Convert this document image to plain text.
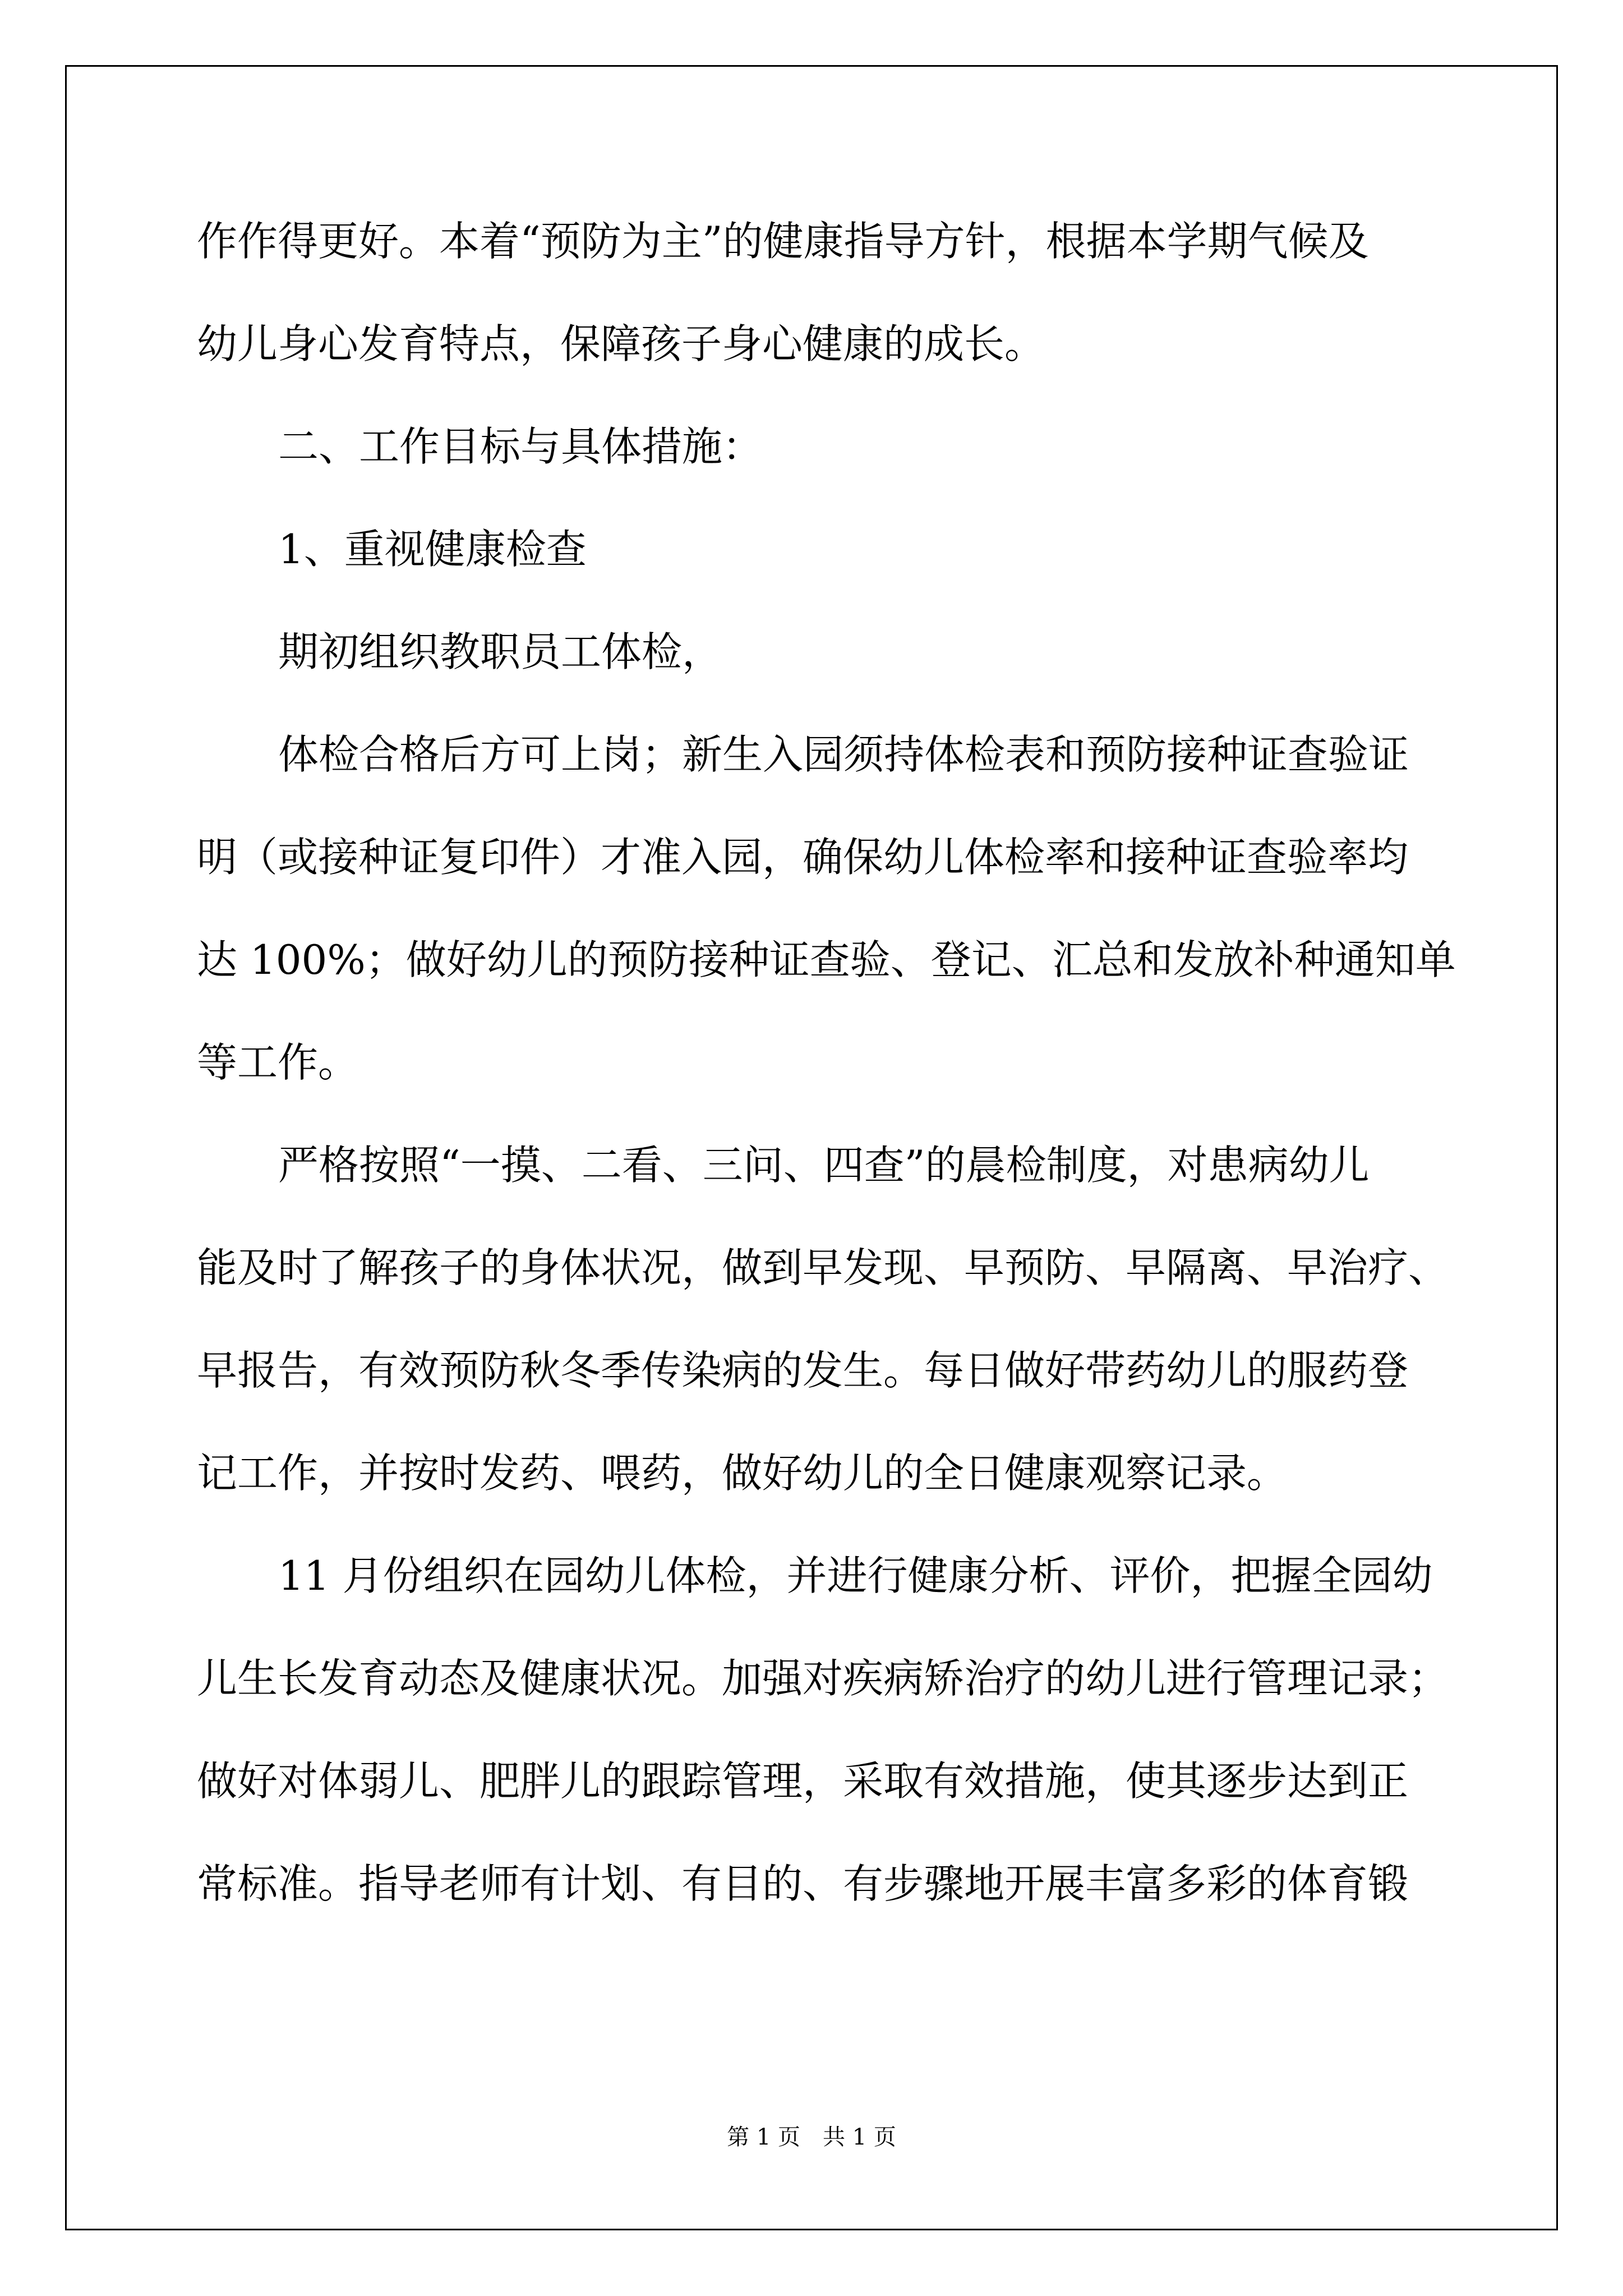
作作得更好。本着“预防为主”的健康指导方针，根据本学期气候及
幼儿身心发育特点，保障孩子身心健康的成长。
二、工作目标与具体措施：
1、重视健康检查
期初组织教职员工体检，
体检合格后方可上岗；新生入园须持体检表和预防接种证查验证
明（或接种证复印件）才准入园，确保幼儿体检率和接种证查验率均
达 100%；做好幼儿的预防接种证查验、登记、汇总和发放补种通知单
等工作。
严格按照“一摸、二看、三问、四查”的晨检制度，对患病幼儿
能及时了解孩子的身体状况，做到早发现、早预防、早隔离、早治疗、
早报告，有效预防秋冬季传染病的发生。每日做好带药幼儿的服药登
记工作，并按时发药、喂药，做好幼儿的全日健康观察记录。
11 月份组织在园幼儿体检，并进行健康分析、评价，把握全园幼
儿生长发育动态及健康状况。加强对疾病矫治疗的幼儿进行管理记录；
做好对体弱儿、肥胖儿的跟踪管理，采取有效措施，使其逐步达到正
常标准。指导老师有计划、有目的、有步骤地开展丰富多彩的体育锻
第 1 页　共 1 页
